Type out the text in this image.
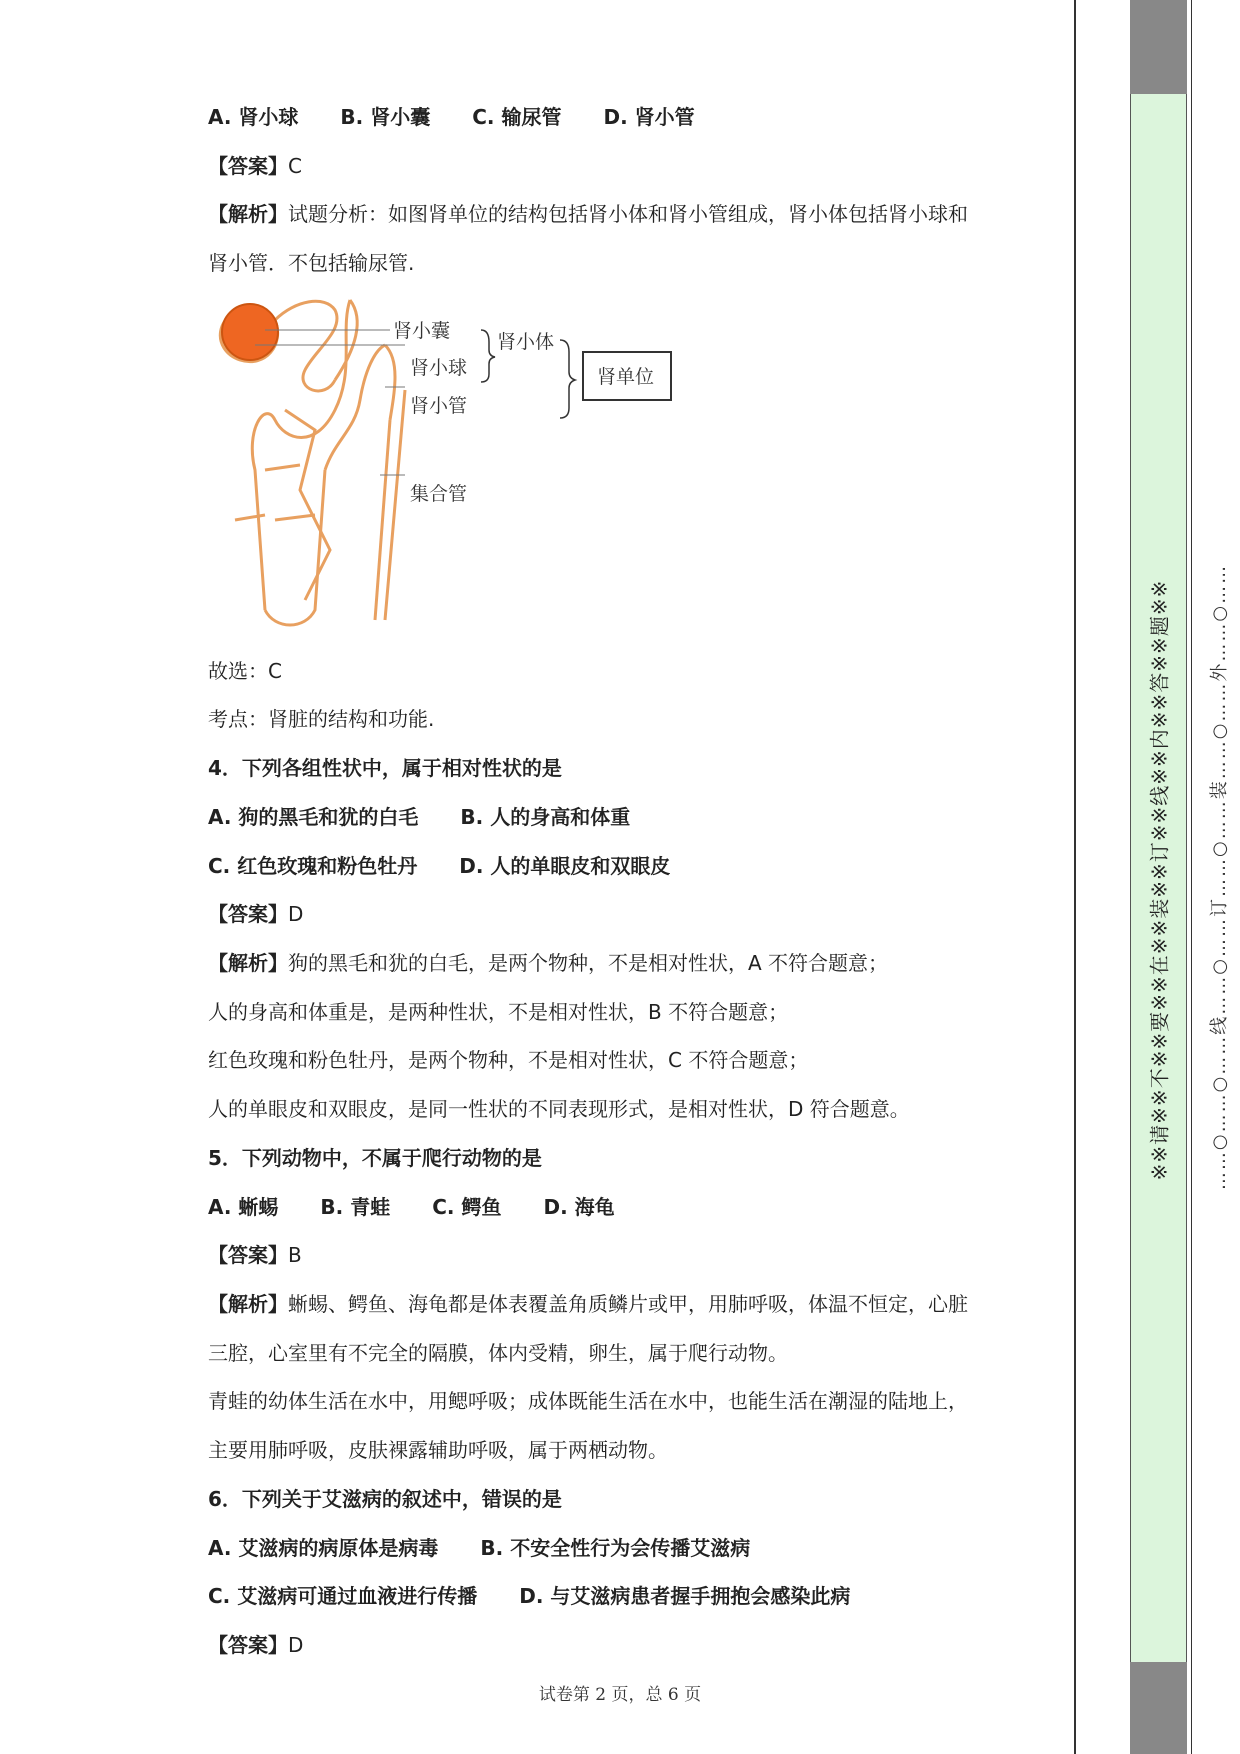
A. 肾小球 B. 肾小囊 C. 输尿管 D. 肾小管
【答案】C
【解析】试题分析：如图肾单位的结构包括肾小体和肾小管组成，肾小体包括肾小球和
肾小管．不包括输尿管.
肾小囊
肾小球
肾小管
集合管
肾小体
肾单位
故选：C
考点：肾脏的结构和功能.
4．下列各组性状中，属于相对性状的是
A. 狗的黑毛和犹的白毛 B. 人的身高和体重
C. 红色玫瑰和粉色牡丹 D. 人的单眼皮和双眼皮
【答案】D
【解析】狗的黑毛和犹的白毛，是两个物种，不是相对性状，A 不符合题意；
人的身高和体重是，是两种性状，不是相对性状，B 不符合题意；
红色玫瑰和粉色牡丹，是两个物种，不是相对性状，C 不符合题意；
人的单眼皮和双眼皮，是同一性状的不同表现形式，是相对性状，D 符合题意。
5．下列动物中，不属于爬行动物的是
A. 蜥蜴 B. 青蛙 C. 鳄鱼 D. 海龟
【答案】B
【解析】蜥蜴、鳄鱼、海龟都是体表覆盖角质鳞片或甲，用肺呼吸，体温不恒定，心脏
三腔，心室里有不完全的隔膜，体内受精，卵生，属于爬行动物。
青蛙的幼体生活在水中，用鳃呼吸；成体既能生活在水中，也能生活在潮湿的陆地上，
主要用肺呼吸，皮肤裸露辅助呼吸，属于两栖动物。
6．下列关于艾滋病的叙述中，错误的是
A. 艾滋病的病原体是病毒 B. 不安全性行为会传播艾滋病
C. 艾滋病可通过血液进行传播 D. 与艾滋病患者握手拥抱会感染此病
【答案】D
试卷第 2 页，总 6 页
※※请※※不※※要※※在※※装※※订※※线※※内※※答※※题※※ ……○……○……线……○……订……○……装……○……外……○……
